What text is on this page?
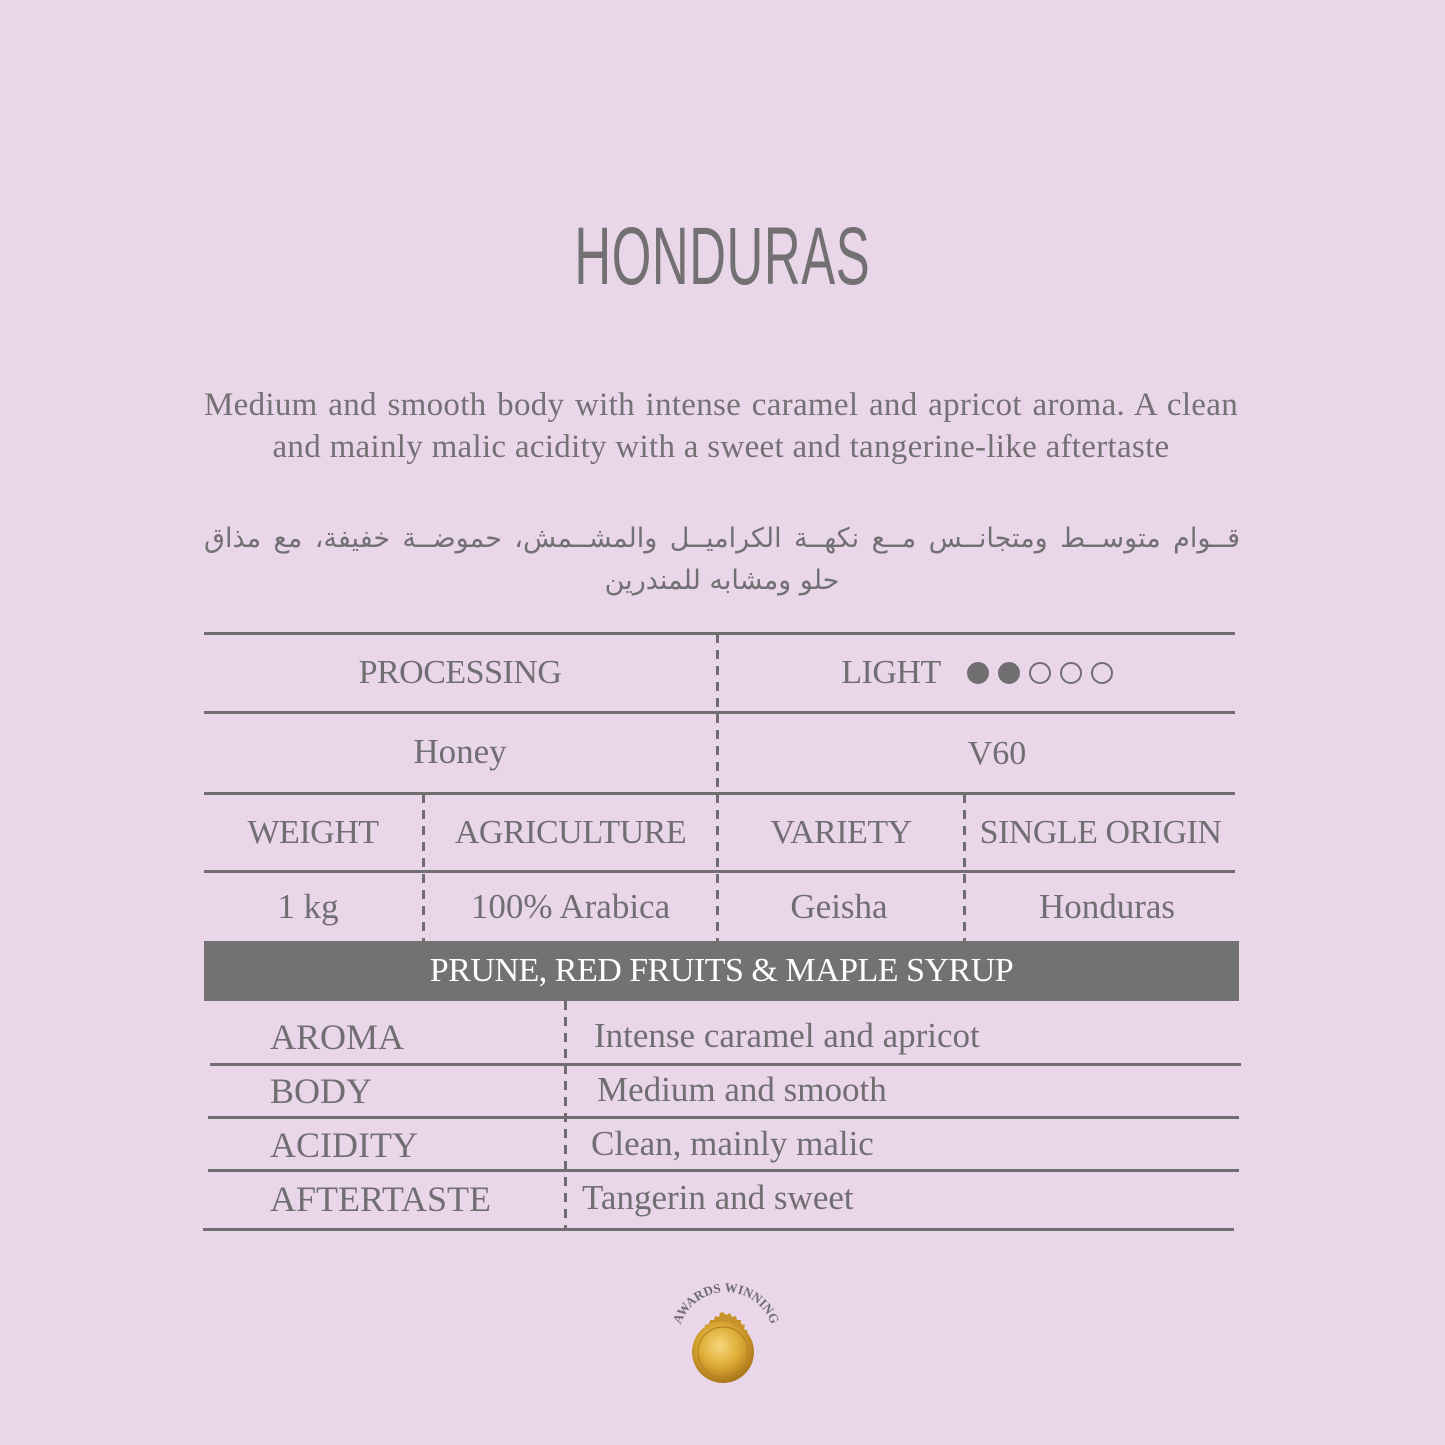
HONDURAS
Medium and smooth body with intense caramel and apricot aroma. A clean and mainly malic acidity with a sweet and tangerine-like aftertaste
قــوام متوســط ومتجانــس مــع نكهــة الكراميــل والمشــمش، حموضــة خفيفة، مع مذاق حلو ومشابه للمندرين
PROCESSING	LIGHT
Honey	V60
WEIGHT	AGRICULTURE	VARIETY	SINGLE ORIGIN
1 kg	100% Arabica	Geisha	Honduras
PRUNE, RED FRUITS & MAPLE SYRUP
AROMA	Intense caramel and apricot
BODY	Medium and smooth
ACIDITY	Clean, mainly malic
AFTERTASTE	Tangerin and sweet
AWARDS WINNING
